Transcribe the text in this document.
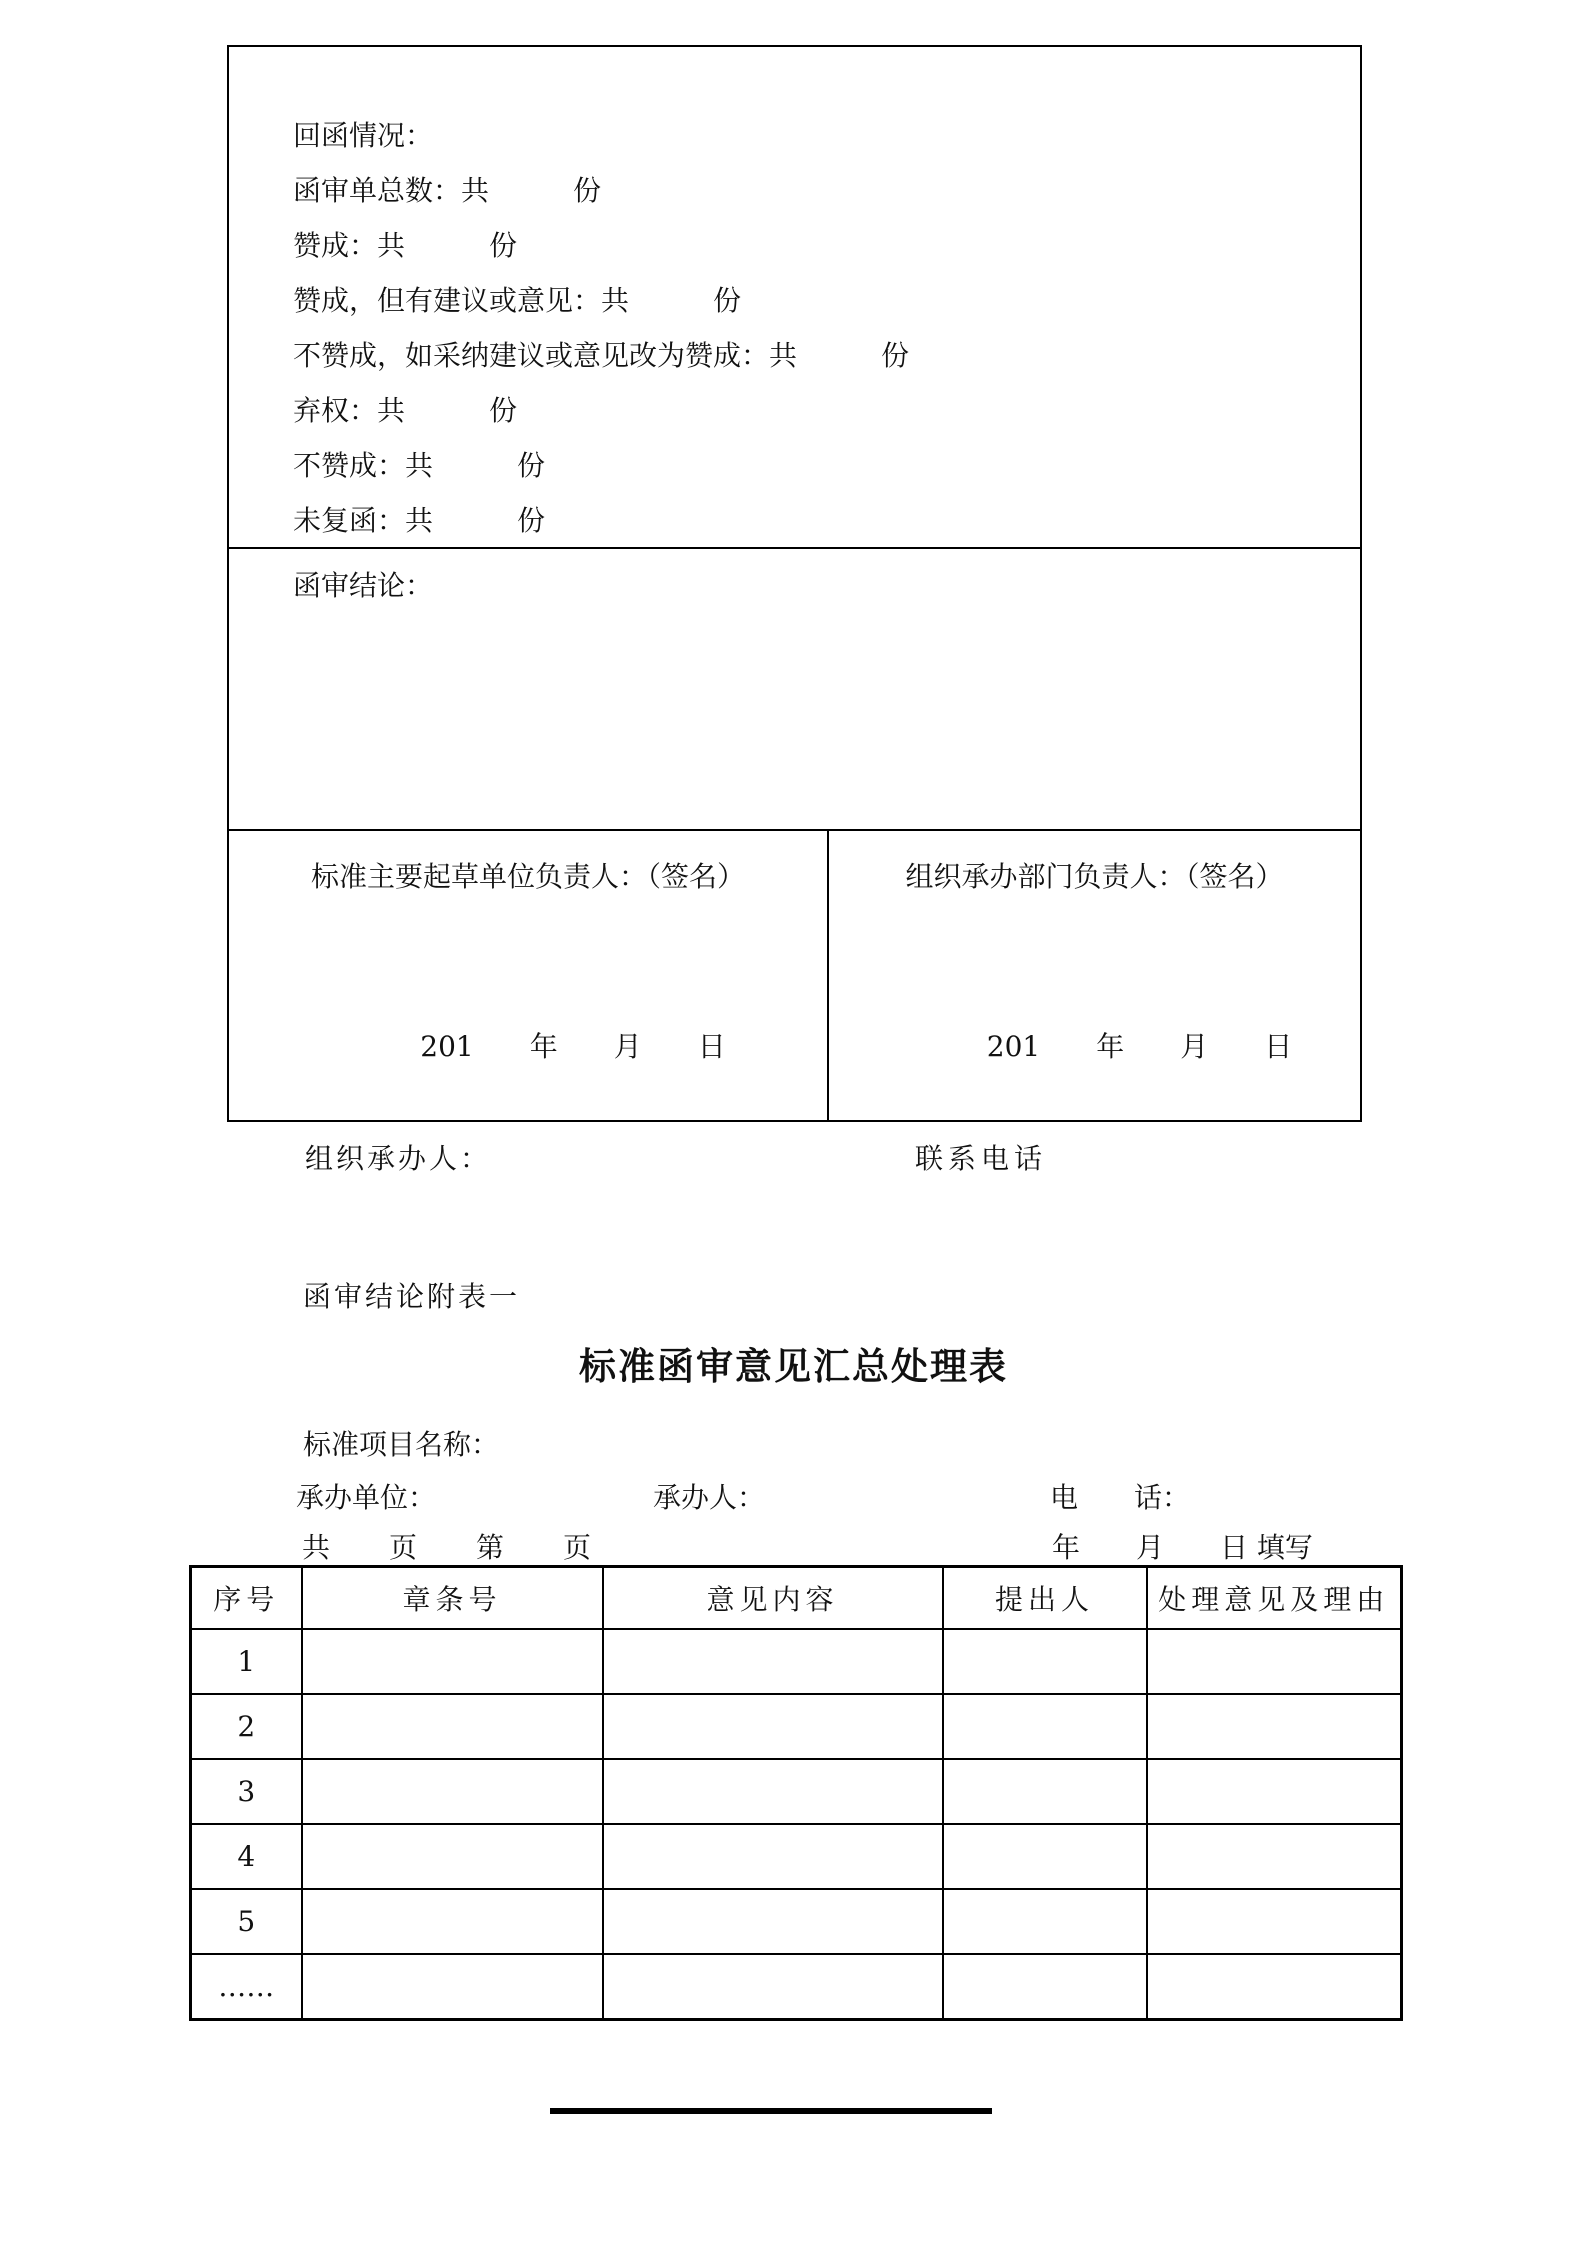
回函情况：
函审单总数：共　　　份
赞成：共　　　份
赞成，但有建议或意见：共　　　份
不赞成，如采纳建议或意见改为赞成：共　　　份
弃权：共　　　份
不赞成：共　　　份
未复函：共　　　份
函审结论：
标准主要起草单位负责人：（签名）
201　　年　　月　　日
组织承办部门负责人：（签名）
201　　年　　月　　日
组织承办人：	联系电话
函审结论附表一
标准函审意见汇总处理表
标准项目名称：
承办单位：	承办人：	电　　话：
共　　页　　第　　页	年　　月　　日 填写
序号	章条号	意见内容	提出人	处理意见及理由
1				
2				
3				
4				
5				
……				
